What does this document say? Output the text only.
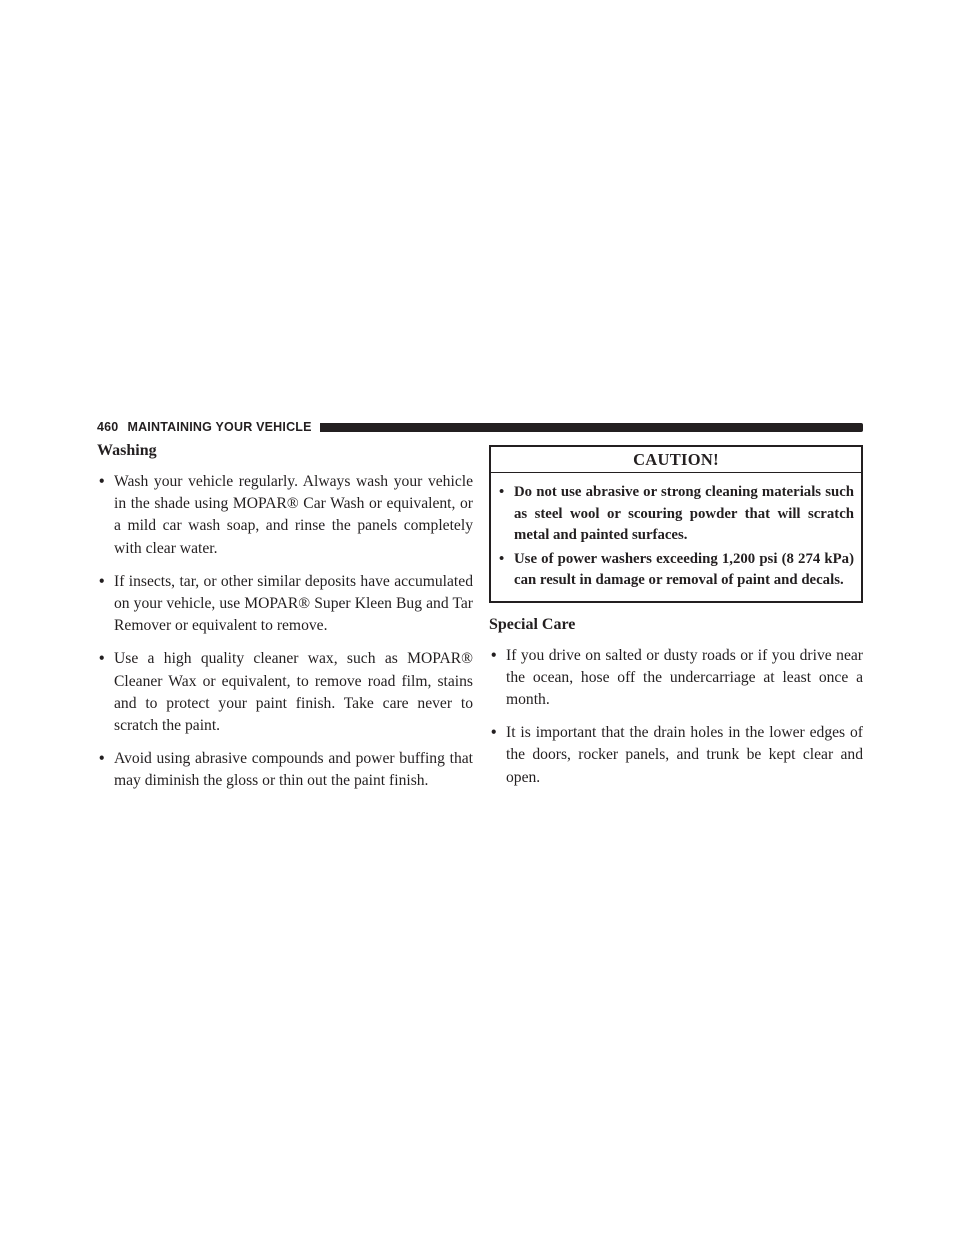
460 MAINTAINING YOUR VEHICLE
Washing
• Wash your vehicle regularly. Always wash your vehicle in the shade using MOPAR® Car Wash or equivalent, or a mild car wash soap, and rinse the panels completely with clear water.
• If insects, tar, or other similar deposits have accumulated on your vehicle, use MOPAR® Super Kleen Bug and Tar Remover or equivalent to remove.
• Use a high quality cleaner wax, such as MOPAR® Cleaner Wax or equivalent, to remove road film, stains and to protect your paint finish. Take care never to scratch the paint.
• Avoid using abrasive compounds and power buffing that may diminish the gloss or thin out the paint finish.
CAUTION!
• Do not use abrasive or strong cleaning materials such as steel wool or scouring powder that will scratch metal and painted surfaces.
• Use of power washers exceeding 1,200 psi (8 274 kPa) can result in damage or removal of paint and decals.
Special Care
• If you drive on salted or dusty roads or if you drive near the ocean, hose off the undercarriage at least once a month.
• It is important that the drain holes in the lower edges of the doors, rocker panels, and trunk be kept clear and open.
